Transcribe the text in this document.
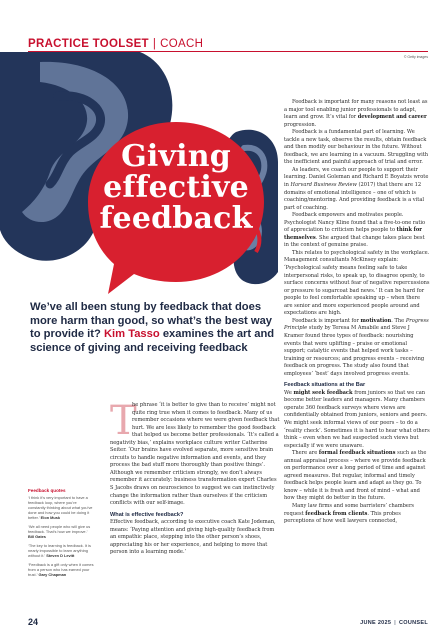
PRACTICE TOOLSET | COACH
© Getty images
Giving
effective
feedback
We’ve all been stung by feedback that does more harm than good, so what’s the best way to provide it? Kim Tasso examines the art and science of giving and receiving feedback
Feedback quotes
‘I think it’s very important to have a feedback loop, where you’re constantly thinking about what you’ve done and how you could be doing it better.’ Elon Musk
‘We all need people who will give us feedback. That’s how we improve.’ Bill Gates
‘The key to learning is feedback. It is nearly impossible to learn anything without it.’ Steven D Levitt
‘Feedback is a gift only when it comes from a person who has earned your trust.’ Gary Chapman

T
he phrase ‘it is better to give than to receive’ might not quite ring true when it comes to feedback. Many of us remember occasions where we were given feedback that hurt. We are less likely to remember the good feedback that helped us become better professionals. ‘It’s called a negativity bias,’ explains workplace culture writer Catherine Seiter. ‘Our brains have evolved separate, more sensitive brain circuits to handle negative information and events, and they process the bad stuff more thoroughly than positive things’. Although we remember criticism strongly, we don’t always remember it accurately: business transformation expert Charles S Jacobs draws on neuroscience to suggest we can instinctively change the information rather than ourselves if the criticism conflicts with our self-image.

What is effective feedback?

Effective feedback, according to executive coach Kate Jodeman, means: ‘Paying attention and giving high-quality feedback from an empathic place, stepping into the other person’s shoes, appreciating his or her experience, and helping to move that person into a learning mode.’

Feedback is important for many reasons not least as a major tool enabling junior professionals to adapt, learn and grow. It’s vital for development and career progression.

Feedback is a fundamental part of learning. We tackle a new task, observe the results, obtain feedback and then modify our behaviour in the future. Without feedback, we are learning in a vacuum. Struggling with the inefficient and painful approach of trial and error.

As leaders, we coach our people to support their learning. Daniel Goleman and Richard E Boyatzis wrote in Harvard Business Review (2017) that there are 12 domains of emotional intelligence – one of which is coaching/mentoring. And providing feedback is a vital part of coaching.

Feedback empowers and motivates people. Psychologist Nancy Kline found that a five-to-one ratio of appreciation to criticism helps people to think for themselves. She argued that change takes place best in the context of genuine praise.

This relates to psychological safety in the workplace. Management consultants McKinsey explain: ‘Psychological safety means feeling safe to take interpersonal risks, to speak up, to disagree openly, to surface concerns without fear of negative repercussions or pressure to sugarcoat bad news.’ It can be hard for people to feel comfortable speaking up – when there are senior and more experienced people around and expectations are high.

Feedback is important for motivation. The Progress Principle study by Teresa M Amabile and Steve J Kramer found three types of feedback: nourishing events that were uplifting – praise or emotional support; catalytic events that helped work tasks – training or resources; and progress events – receiving feedback on progress. The study also found that employees’ ‘best’ days involved progress events.

Feedback situations at the Bar

We might seek feedback from juniors so that we can become better leaders and managers. Many chambers operate 360 feedback surveys where views are confidentially obtained from juniors, seniors and peers. We might seek informal views of our peers – to do a ‘reality check’. Sometimes it is hard to hear what others think – even when we had suspected such views but especially if we were unaware.

There are formal feedback situations such as the annual appraisal process – where we provide feedback on performance over a long period of time and against agreed measures. But regular, informal and timely feedback helps people learn and adapt as they go. To know – while it is fresh and front of mind – what and how they might do better in the future.

Many law firms and some barristers’ chambers request feedback from clients. This probes perceptions of how well lawyers connected,

24	JUNE 2025 | COUNSEL
